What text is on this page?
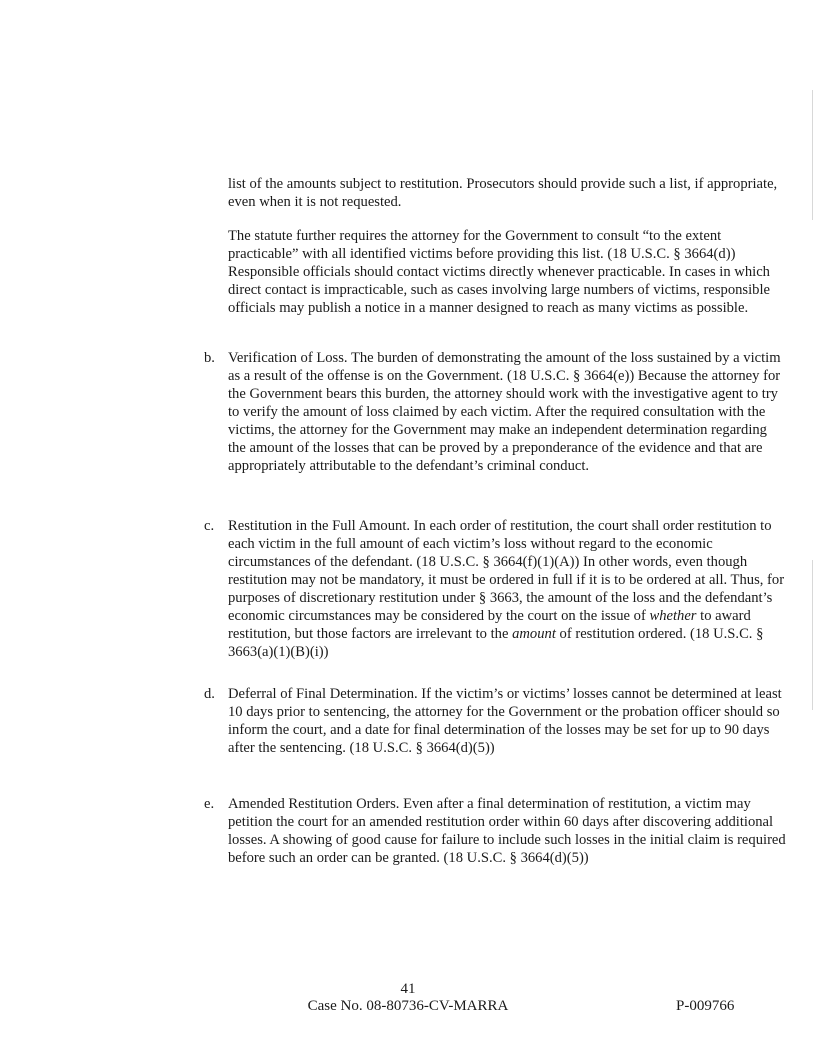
list of the amounts subject to restitution. Prosecutors should provide such a list, if appropriate, even when it is not requested.

The statute further requires the attorney for the Government to consult “to the extent practicable” with all identified victims before providing this list. (18 U.S.C. § 3664(d)) Responsible officials should contact victims directly whenever practicable. In cases in which direct contact is impracticable, such as cases involving large numbers of victims, responsible officials may publish a notice in a manner designed to reach as many victims as possible.

b. Verification of Loss. The burden of demonstrating the amount of the loss sustained by a victim as a result of the offense is on the Government. (18 U.S.C. § 3664(e)) Because the attorney for the Government bears this burden, the attorney should work with the investigative agent to try to verify the amount of loss claimed by each victim. After the required consultation with the victims, the attorney for the Government may make an independent determination regarding the amount of the losses that can be proved by a preponderance of the evidence and that are appropriately attributable to the defendant’s criminal conduct.
c. Restitution in the Full Amount. In each order of restitution, the court shall order restitution to each victim in the full amount of each victim’s loss without regard to the economic circumstances of the defendant. (18 U.S.C. § 3664(f)(1)(A)) In other words, even though restitution may not be mandatory, it must be ordered in full if it is to be ordered at all. Thus, for purposes of discretionary restitution under § 3663, the amount of the loss and the defendant’s economic circumstances may be considered by the court on the issue of whether to award restitution, but those factors are irrelevant to the amount of restitution ordered. (18 U.S.C. § 3663(a)(1)(B)(i))
d. Deferral of Final Determination. If the victim’s or victims’ losses cannot be determined at least 10 days prior to sentencing, the attorney for the Government or the probation officer should so inform the court, and a date for final determination of the losses may be set for up to 90 days after the sentencing. (18 U.S.C. § 3664(d)(5))
e. Amended Restitution Orders. Even after a final determination of restitution, a victim may petition the court for an amended restitution order within 60 days after discovering additional losses. A showing of good cause for failure to include such losses in the initial claim is required before such an order can be granted. (18 U.S.C. § 3664(d)(5))
41
Case No. 08-80736-CV-MARRA	P-009766
